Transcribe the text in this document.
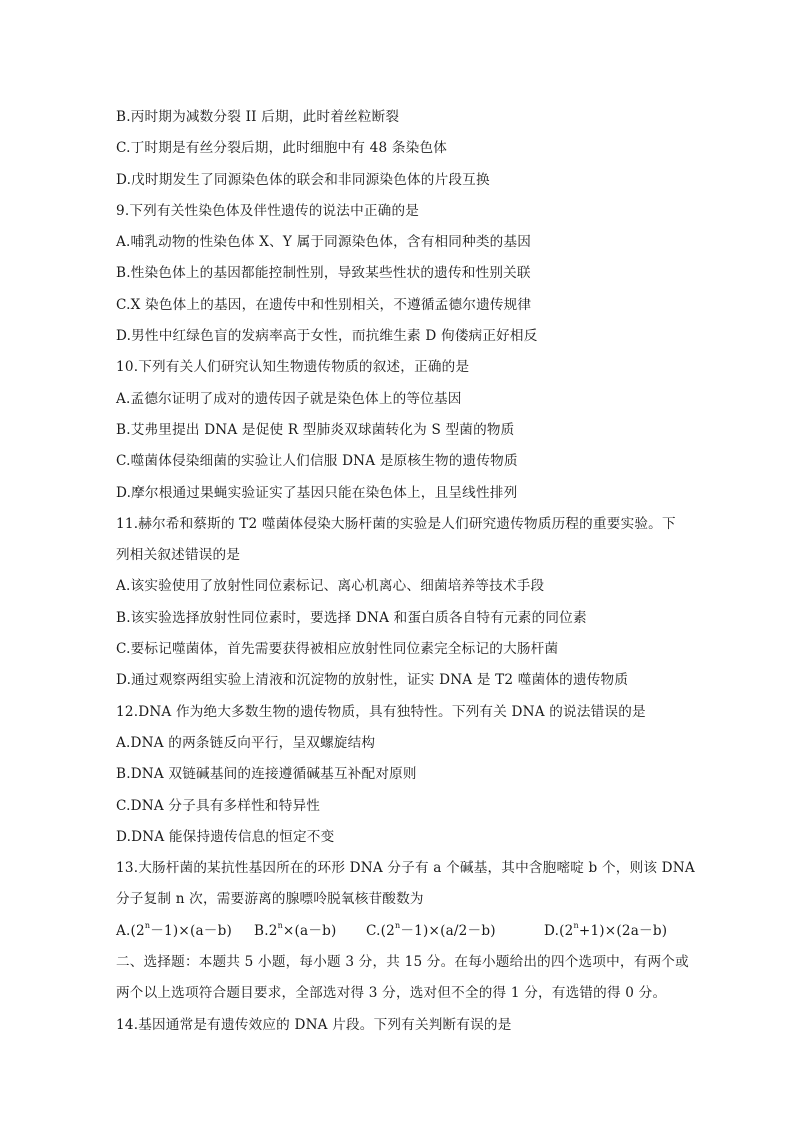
B.丙时期为减数分裂 II 后期，此时着丝粒断裂
C.丁时期是有丝分裂后期，此时细胞中有 48 条染色体
D.戊时期发生了同源染色体的联会和非同源染色体的片段互换
9.下列有关性染色体及伴性遗传的说法中正确的是
A.哺乳动物的性染色体 X、Y 属于同源染色体，含有相同种类的基因
B.性染色体上的基因都能控制性别，导致某些性状的遗传和性别关联
C.X 染色体上的基因，在遗传中和性别相关，不遵循孟德尔遗传规律
D.男性中红绿色盲的发病率高于女性，而抗维生素 D 佝偻病正好相反
10.下列有关人们研究认知生物遗传物质的叙述，正确的是
A.孟德尔证明了成对的遗传因子就是染色体上的等位基因
B.艾弗里提出 DNA 是促使 R 型肺炎双球菌转化为 S 型菌的物质
C.噬菌体侵染细菌的实验让人们信服 DNA 是原核生物的遗传物质
D.摩尔根通过果蝇实验证实了基因只能在染色体上，且呈线性排列
11.赫尔希和蔡斯的 T2 噬菌体侵染大肠杆菌的实验是人们研究遗传物质历程的重要实验。下
列相关叙述错误的是
A.该实验使用了放射性同位素标记、离心机离心、细菌培养等技术手段
B.该实验选择放射性同位素时，要选择 DNA 和蛋白质各自特有元素的同位素
C.要标记噬菌体，首先需要获得被相应放射性同位素完全标记的大肠杆菌
D.通过观察两组实验上清液和沉淀物的放射性，证实 DNA 是 T2 噬菌体的遗传物质
12.DNA 作为绝大多数生物的遗传物质，具有独特性。下列有关 DNA 的说法错误的是
A.DNA 的两条链反向平行，呈双螺旋结构
B.DNA 双链碱基间的连接遵循碱基互补配对原则
C.DNA 分子具有多样性和特异性
D.DNA 能保持遗传信息的恒定不变
13.大肠杆菌的某抗性基因所在的环形 DNA 分子有 a 个碱基，其中含胞嘧啶 b 个，则该 DNA
分子复制 n 次，需要游离的腺嘌呤脱氧核苷酸数为
$A.(2^n-1)\times(a-b)$	$B.2^n\times(a-b)$	$C.(2^n-1)\times(a/2-b)$	$D.(2^n+1)\times(2a-b)$
二、选择题：本题共 5 小题，每小题 3 分，共 15 分。在每小题给出的四个选项中，有两个或
两个以上选项符合题目要求，全部选对得 3 分，选对但不全的得 1 分，有选错的得 0 分。
14.基因通常是有遗传效应的 DNA 片段。下列有关判断有误的是
